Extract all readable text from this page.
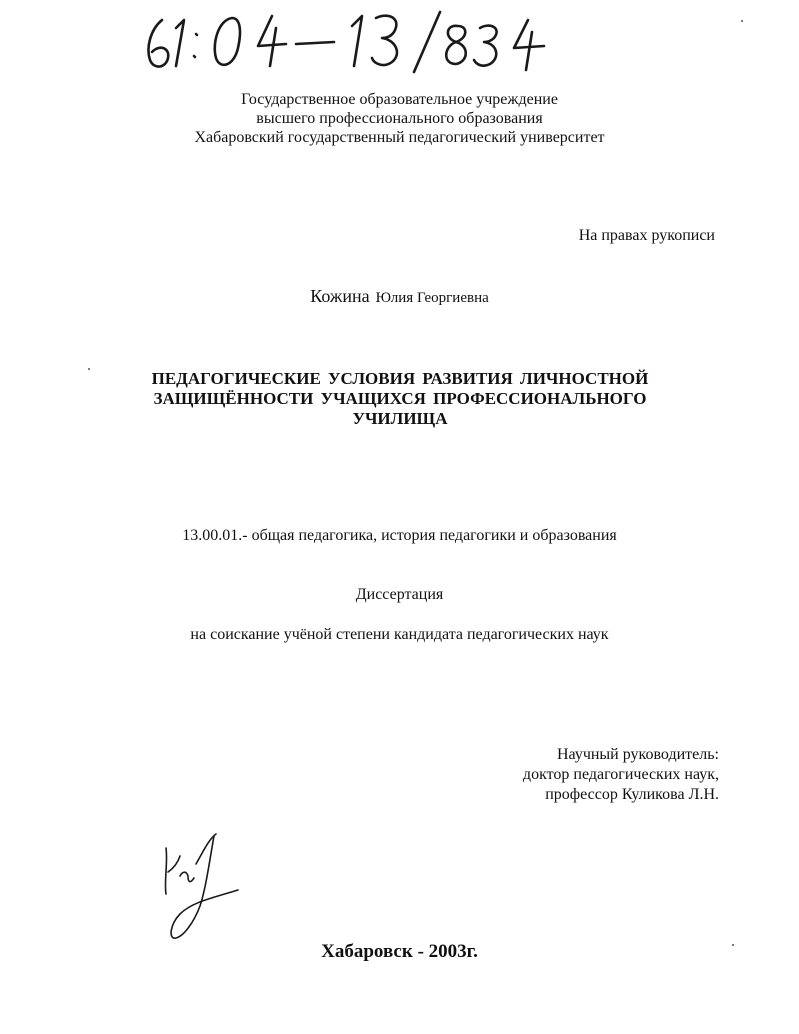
Государственное образовательное учреждение
высшего профессионального образования
Хабаровский государственный педагогический университет
На правах рукописи
Кожина Юлия Георгиевна
ПЕДАГОГИЧЕСКИЕ УСЛОВИЯ РАЗВИТИЯ ЛИЧНОСТНОЙ
ЗАЩИЩЁННОСТИ УЧАЩИХСЯ ПРОФЕССИОНАЛЬНОГО
УЧИЛИЩА
13.00.01.- общая педагогика, история педагогики и образования
Диссертация
на соискание учёной степени кандидата педагогических наук
Научный руководитель:
доктор педагогических наук,
профессор Куликова Л.Н.
Хабаровск - 2003г.
